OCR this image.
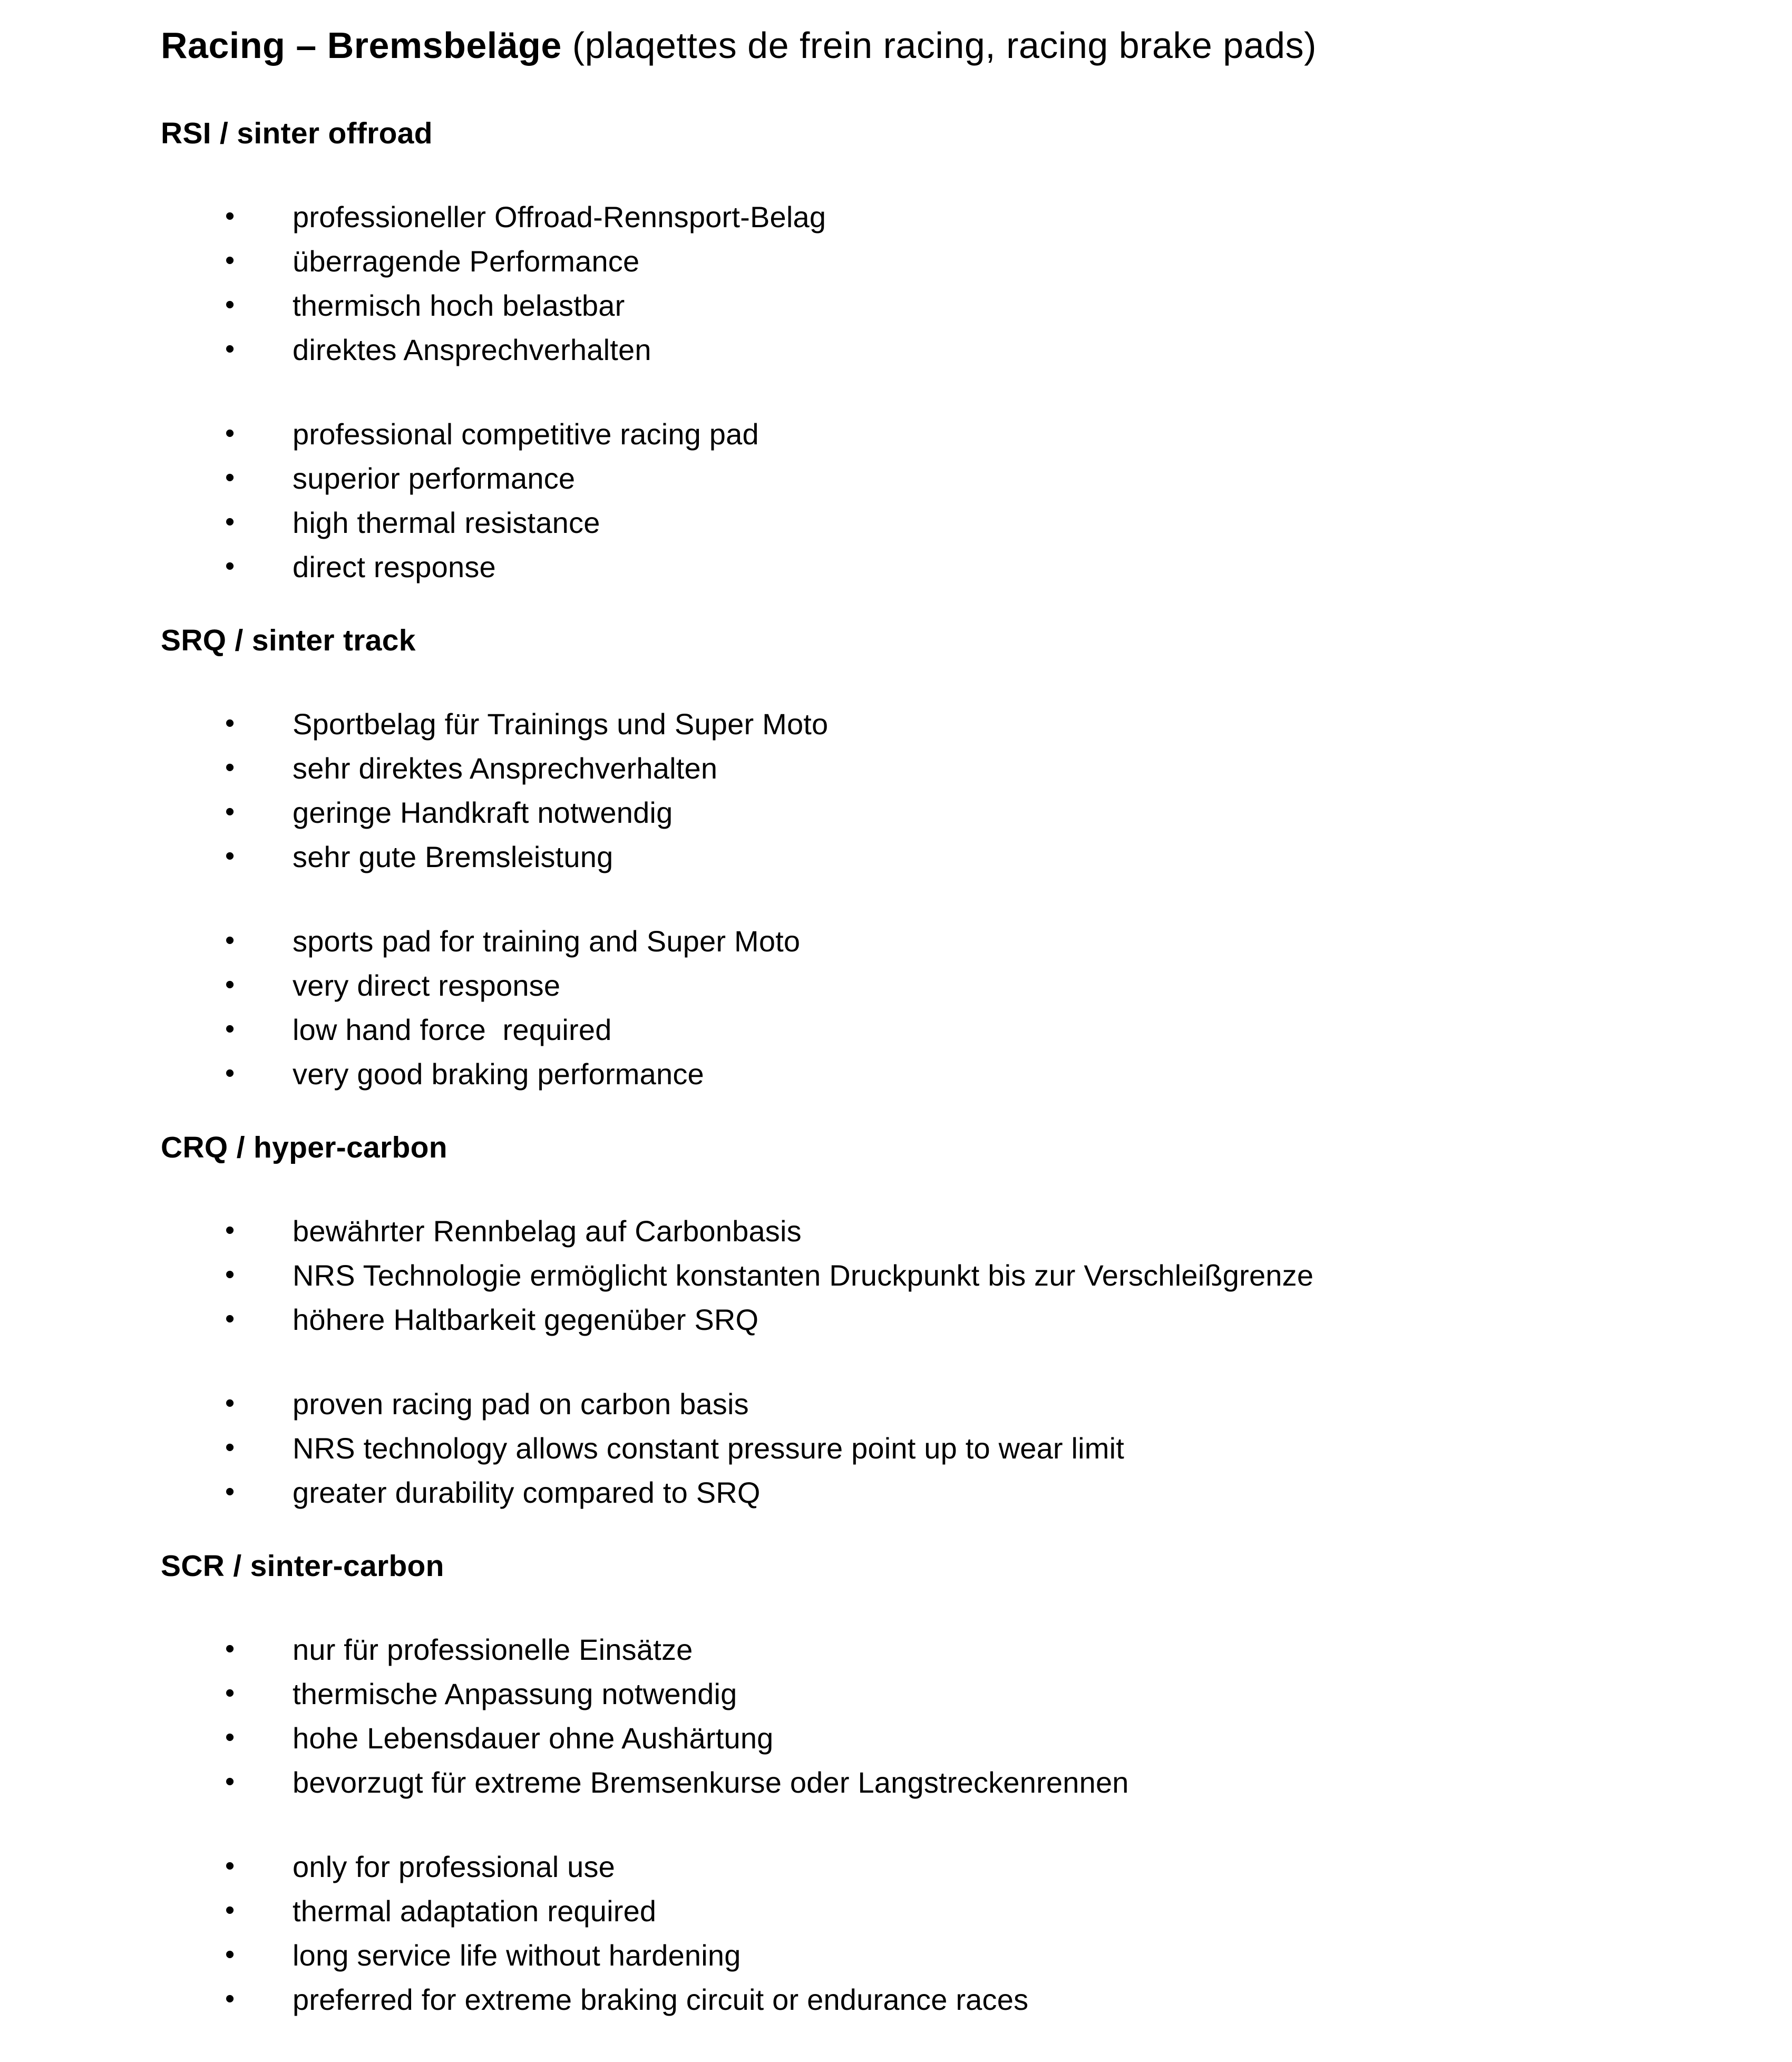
Racing – Bremsbeläge (plaqettes de frein racing, racing brake pads)
RSI / sinter offroad
• professioneller Offroad-Rennsport-Belag
• überragende Performance
• thermisch hoch belastbar
• direktes Ansprechverhalten
• professional competitive racing pad
• superior performance
• high thermal resistance
• direct response
SRQ / sinter track
• Sportbelag für Trainings und Super Moto
• sehr direktes Ansprechverhalten
• geringe Handkraft notwendig
• sehr gute Bremsleistung
• sports pad for training and Super Moto
• very direct response
• low hand force  required
• very good braking performance
CRQ / hyper-carbon
• bewährter Rennbelag auf Carbonbasis
• NRS Technologie ermöglicht konstanten Druckpunkt bis zur Verschleißgrenze
• höhere Haltbarkeit gegenüber SRQ
• proven racing pad on carbon basis
• NRS technology allows constant pressure point up to wear limit
• greater durability compared to SRQ
SCR / sinter-carbon
• nur für professionelle Einsätze
• thermische Anpassung notwendig
• hohe Lebensdauer ohne Aushärtung
• bevorzugt für extreme Bremsenkurse oder Langstreckenrennen
• only for professional use
• thermal adaptation required
• long service life without hardening
• preferred for extreme braking circuit or endurance races
